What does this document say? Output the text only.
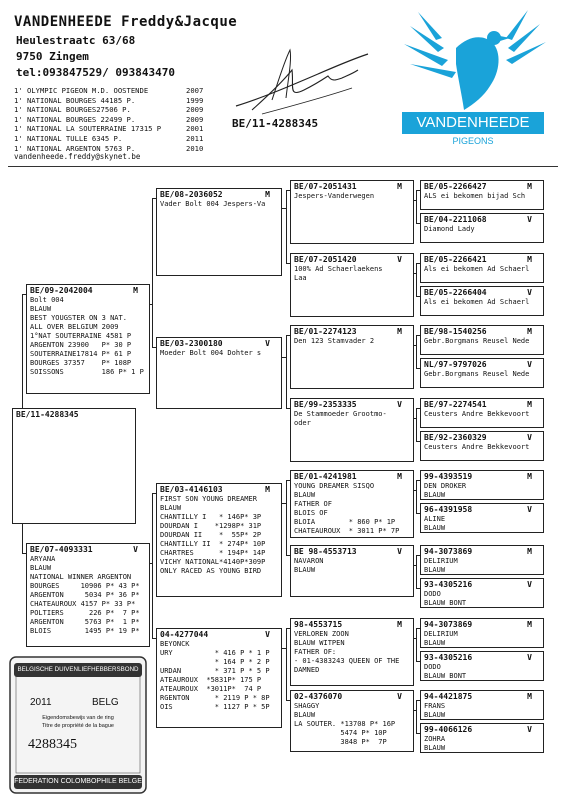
VANDENHEEDE Freddy&Jacque
Heulestraatc 63/68
9750 Zingem
tel:093847529/ 093843470
1' OLYMPIC PIGEON M.D. OOSTENDE	2007
1' NATIONAL BOURGES 44185 P.	1999
1' NATIONAL BOURGES27506 P.	2009
1' NATIONAL BOURGES 22499 P.	2009
1' NATIONAL LA SOUTERRAINE 17315 P	2001
1' NATIONAL TULLE 6345 P.	2011
1' NATIONAL ARGENTON 5763 P.	2010
vandenheede.freddy@skynet.be
BE/11-4288345	VANDENHEEDE
PIGEONS
BE/11-4288345
BE/09-2042004	M
Bolt 004
BLAUW
BEST YOUGSTER ON 3 NAT.
ALL OVER BELGIUM 2009
1°NAT SOUTERRAINE 4581 P
ARGENTON 23900   P* 30 P
SOUTERRAINE17814 P* 61 P
BOURGES 37357    P* 108P
SOISSONS         186 P* 1 P
BE/07-4093331	V
ARYANA
BLAUW
NATIONAL WINNER ARGENTON
BOURGES     10906 P* 43 P*
ARGENTON     5034 P* 36 P*
CHATEAUROUX 4157 P* 33 P*
POLTIERS      226 P*  7 P*
ARGENTON     5763 P*  1 P*
BLOIS        1495 P* 19 P*
BE/08-2036052	M
Vader Bolt 004 Jespers-Va
BE/03-2300180	V
Moeder Bolt 004 Dohter s
BE/03-4146103	M
FIRST SON YOUNG DREAMER
BLAUW
CHANTILLY I   * 146P* 3P
DOURDAN I    *1298P* 31P
DOURDAN II    *  55P* 2P
CHANTILLY II  * 274P* 10P
CHARTRES      * 194P* 14P
VICHY NATIONAL*4140P*309P
ONLY RACED AS YOUNG BIRD
04-4277044	V
BEYONCK
URY          * 416 P * 1 P
* 164 P * 2 P
URDAN        * 371 P * 5 P
ATEAUROUX  *5831P* 175 P
ATEAUROUX  *3011P*  74 P
RGENTON      * 2119 P * 8P
OIS          * 1127 P * 5P
BE/07-2051431	M
Jespers-Vanderwegen
BE/07-2051420	V
100% Ad Schaerlaekens
Laa
BE/01-2274123	M
Den 123 Stamvader 2
BE/99-2353335	V
De Stammoeder Grootmo-
oder
BE/01-4241981	M
YOUNG DREAMER SISQO
BLAUW
FATHER OF
BLOIS OF
BLOIA        * 860 P* 1P
CHATEAUROUX  * 3011 P* 7P
BE 98-4553713	V
NAVARON
BLAUW
98-4553715	M
VERLOREN ZOON
BLAUW WITPEN
FATHER OF:
- 01-4383243 QUEEN OF THE
DAMNED
02-4376070	V
SHAGGY
BLAUW
LA SOUTER. *13708 P* 16P
5474 P* 10P
3848 P*  7P
BE/05-2266427	M
ALS ei bekomen bijad Sch
BE/04-2211068	V
Diamond Lady
BE/05-2266421	M
Als ei bekomen Ad Schaerl
BE/05-2266404	V
Als ei bekomen Ad Schaerl
BE/98-1540256	M
Gebr.Borgmans Reusel Nede
NL/97-9797026	V
Gebr.Borgmans Reusel Nede
BE/97-2274541	M
Ceusters Andre Bekkevoort
BE/92-2360329	V
Ceusters Andre Bekkevoort
99-4393519	M
DEN DROKER
BLAUW
96-4391958	V
ALINE
BLAUW
94-3073869	M
DELIRIUM
BLAUW
93-4305216	V
DODO
BLAUW BONT
94-3073869	M
DELIRIUM
BLAUW
93-4305216	V
DODO
BLAUW BONT
94-4421875	M
FRANS
BLAUW
99-4066126	V
ZOHRA
BLAUW
BELGISCHE DUIVENLIEFHEBBERSBOND
2011	BELG
Eigendomsbewijs van de ring
Titre de propriété de la bague
4288345
FEDERATION COLOMBOPHILE BELGE
